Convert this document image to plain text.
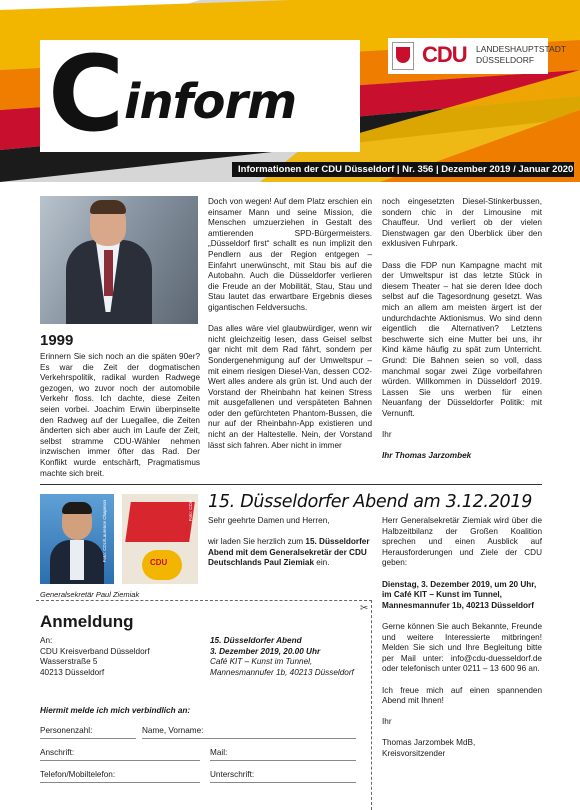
C inform
CDU LANDESHAUPTSTADT
DÜSSELDORF
Informationen der CDU Düsseldorf | Nr. 356 | Dezember 2019 / Januar 2020
1999

Erinnern Sie sich noch an die späten 90er? Es war die Zeit der dogmatischen Verkehrspolitik, radikal wurden Radwege gezogen, wo zuvor noch der automobile Verkehr floss. Ich dachte, diese Zeiten seien vorbei. Joachim Erwin überpinselte den Radweg auf der Luegallee, die Zeiten änderten sich aber auch im Laufe der Zeit, selbst stramme CDU-Wähler nehmen inzwischen immer öfter das Rad. Der Konflikt wurde entschärft, Pragmatismus machte sich breit.

Doch von wegen! Auf dem Platz erschien ein einsamer Mann und seine Mission, die Menschen umzuerziehen in Gestalt des amtierenden SPD-Bürgermeisters. „Düsseldorf first“ schallt es nun implizit den Pendlern aus der Region entgegen – Einfahrt unerwünscht, mit Stau bis auf die Autobahn. Auch die Düsseldorfer verlieren die Freude an der Mobilität, Stau, Stau und Stau lautet das erwartbare Ergebnis dieses gigantischen Feldversuchs.

Das alles wäre viel glaubwürdiger, wenn wir nicht gleichzeitig lesen, dass Geisel selbst gar nicht mit dem Rad fährt, sondern per Sondergenehmigung auf der Umweltspur – mit einem riesigen Diesel-Van, dessen CO2-Wert alles andere als grün ist. Und auch der Vorstand der Rheinbahn hat keinen Stress mit ausgefallenen und verspäteten Bahnen oder den gefürchteten Phantom-Bussen, die nur auf der Rheinbahn-App existieren und nicht an der Haltestelle. Nein, der Vorstand lässt sich fahren. Aber nicht in immer

noch eingesetzten Diesel-Stinkerbussen, sondern chic in der Limousine mit Chauffeur. Und verliert ob der vielen Dienstwagen gar den Überblick über den exklusiven Fuhrpark.

Dass die FDP nun Kampagne macht mit der Umweltspur ist das letzte Stück in diesem Theater – hat sie deren Idee doch selbst auf die Tagesordnung gesetzt. Was mich an allem am meisten ärgert ist der undurchdachte Aktionismus. Wo sind denn eigentlich die Alternativen? Letztens beschwerte sich eine Mutter bei uns, ihr Kind käme häufig zu spät zum Unterricht. Grund: Die Bahnen seien so voll, dass manchmal sogar zwei Züge vorbeifahren würden. Willkommen in Düsseldorf 2019. Lassen Sie uns werben für einen Neuanfang der Düsseldorfer Politik: mit Vernunft.

Ihr

Ihr Thomas Jarzombek

Foto: CDU/Laurence Chaperon
CDU
Foto: CDU
Generalsekretär Paul Ziemiak
15. Düsseldorfer Abend am 3.12.2019

Sehr geehrte Damen und Herren,

wir laden Sie herzlich zum 15. Düsseldorfer Abend mit dem Generalsekretär der CDU Deutschlands Paul Ziemiak ein.

Herr Generalsekretär Ziemiak wird über die Halbzeitbilanz der Großen Koalition sprechen und einen Ausblick auf Herausforderungen und Ziele der CDU geben:

Dienstag, 3. Dezember 2019, um 20 Uhr, im Café KIT – Kunst im Tunnel, Mannesmannufer 1b, 40213 Düsseldorf

Gerne können Sie auch Bekannte, Freunde und weitere Interessierte mitbringen! Melden Sie sich und Ihre Begleitung bitte per Mail unter: info@cdu-duesseldorf.de oder telefonisch unter 0211 – 13 600 96 an.

Ich freue mich auf einen spannenden Abend mit Ihnen!

Ihr

Thomas Jarzombek MdB,
Kreisvorsitzender
✂
Anmeldung
An:
CDU Kreisverband Düsseldorf
Wasserstraße 5
40213 Düsseldorf
15. Düsseldorfer Abend
3. Dezember 2019, 20.00 Uhr
Café KIT – Kunst im Tunnel,
Mannesmannufer 1b, 40213 Düsseldorf
Hiermit melde ich mich verbindlich an:
Personenzahl:	Name, Vorname:
Anschrift:	Mail:
Telefon/Mobiltelefon:	Unterschrift:
